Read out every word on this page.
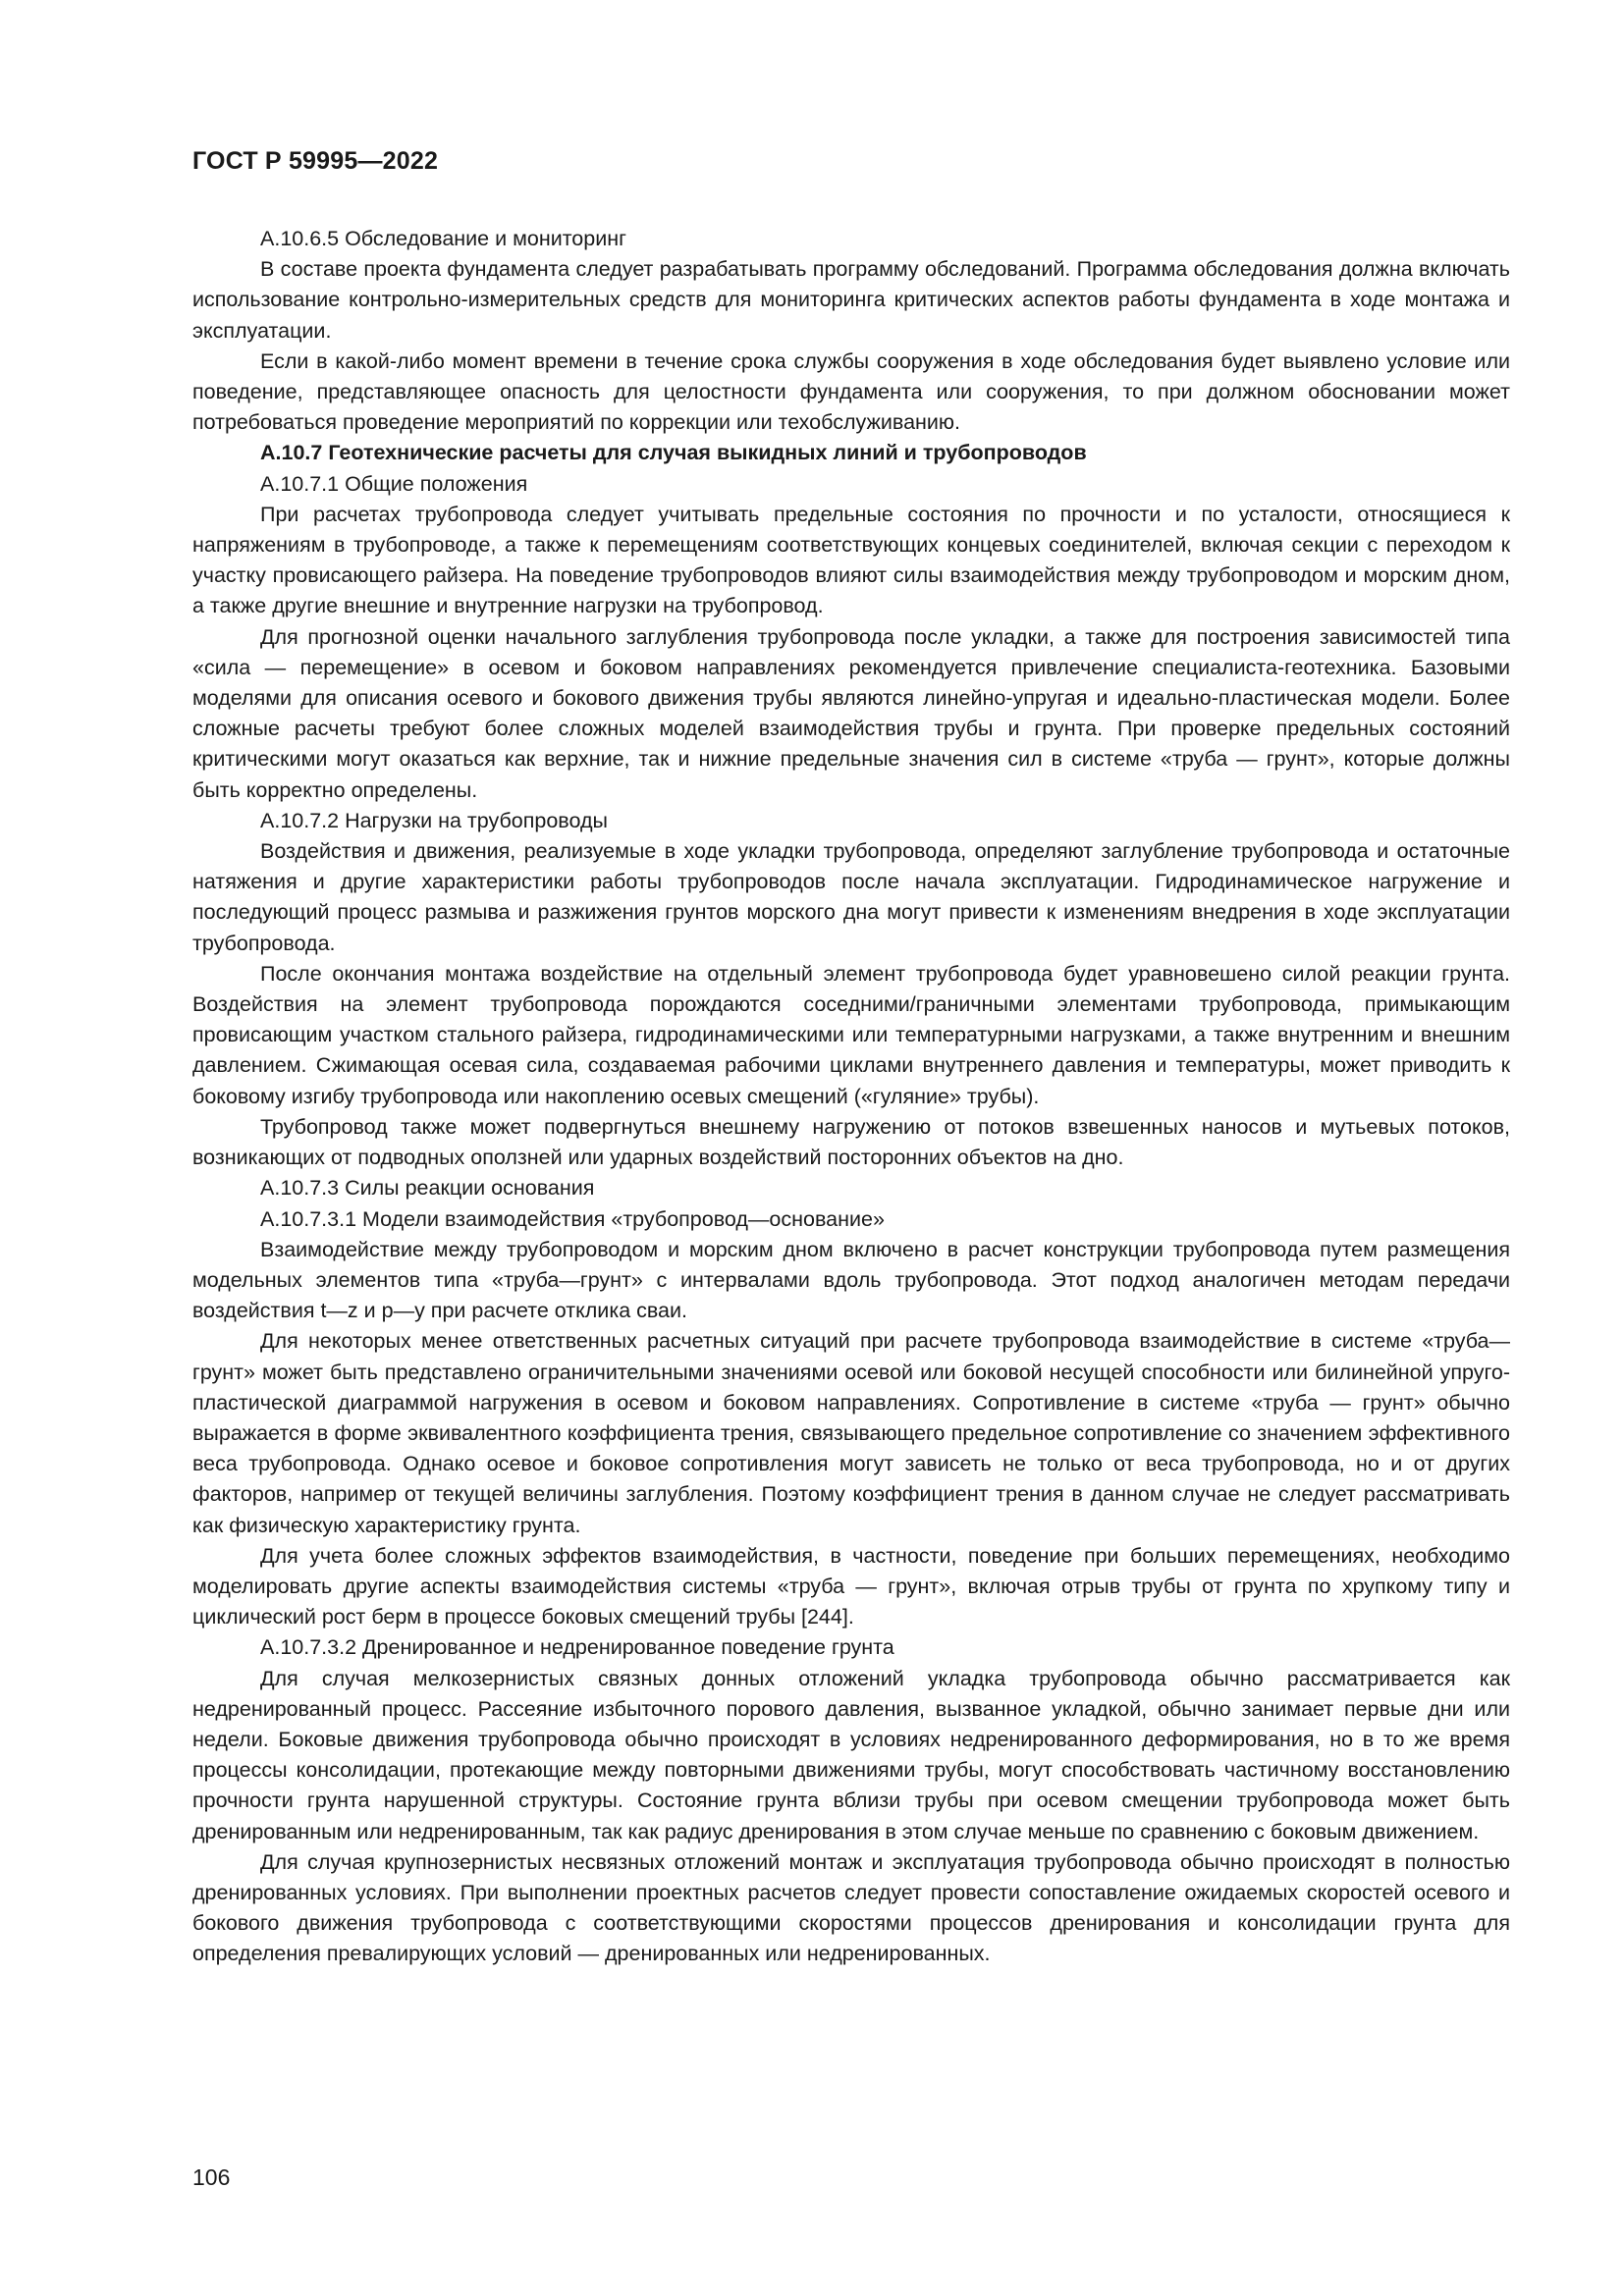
ГОСТ Р 59995—2022

А.10.6.5 Обследование и мониторинг

В составе проекта фундамента следует разрабатывать программу обследований. Программа обследования должна включать использование контрольно-измерительных средств для мониторинга критических аспектов работы фундамента в ходе монтажа и эксплуатации.

Если в какой-либо момент времени в течение срока службы сооружения в ходе обследования будет выявлено условие или поведение, представляющее опасность для целостности фундамента или сооружения, то при должном обосновании может потребоваться проведение мероприятий по коррекции или техобслуживанию.

А.10.7 Геотехнические расчеты для случая выкидных линий и трубопроводов

А.10.7.1 Общие положения

При расчетах трубопровода следует учитывать предельные состояния по прочности и по усталости, относящиеся к напряжениям в трубопроводе, а также к перемещениям соответствующих концевых соединителей, включая секции с переходом к участку провисающего райзера. На поведение трубопроводов влияют силы взаимодействия между трубопроводом и морским дном, а также другие внешние и внутренние нагрузки на трубопровод.

Для прогнозной оценки начального заглубления трубопровода после укладки, а также для построения зависимостей типа «сила — перемещение» в осевом и боковом направлениях рекомендуется привлечение специалиста-геотехника. Базовыми моделями для описания осевого и бокового движения трубы являются линейно-упругая и идеально-пластическая модели. Более сложные расчеты требуют более сложных моделей взаимодействия трубы и грунта. При проверке предельных состояний критическими могут оказаться как верхние, так и нижние предельные значения сил в системе «труба — грунт», которые должны быть корректно определены.

А.10.7.2 Нагрузки на трубопроводы

Воздействия и движения, реализуемые в ходе укладки трубопровода, определяют заглубление трубопровода и остаточные натяжения и другие характеристики работы трубопроводов после начала эксплуатации. Гидродинамическое нагружение и последующий процесс размыва и разжижения грунтов морского дна могут привести к изменениям внедрения в ходе эксплуатации трубопровода.

После окончания монтажа воздействие на отдельный элемент трубопровода будет уравновешено силой реакции грунта. Воздействия на элемент трубопровода порождаются соседними/граничными элементами трубопровода, примыкающим провисающим участком стального райзера, гидродинамическими или температурными нагрузками, а также внутренним и внешним давлением. Сжимающая осевая сила, создаваемая рабочими циклами внутреннего давления и температуры, может приводить к боковому изгибу трубопровода или накоплению осевых смещений («гуляние» трубы).

Трубопровод также может подвергнуться внешнему нагружению от потоков взвешенных наносов и мутьевых потоков, возникающих от подводных оползней или ударных воздействий посторонних объектов на дно.

А.10.7.3 Силы реакции основания

А.10.7.3.1 Модели взаимодействия «трубопровод—основание»

Взаимодействие между трубопроводом и морским дном включено в расчет конструкции трубопровода путем размещения модельных элементов типа «труба—грунт» с интервалами вдоль трубопровода. Этот подход аналогичен методам передачи воздействия t—z и p—y при расчете отклика сваи.

Для некоторых менее ответственных расчетных ситуаций при расчете трубопровода взаимодействие в системе «труба—грунт» может быть представлено ограничительными значениями осевой или боковой несущей способности или билинейной упруго-пластической диаграммой нагружения в осевом и боковом направлениях. Сопротивление в системе «труба — грунт» обычно выражается в форме эквивалентного коэффициента трения, связывающего предельное сопротивление со значением эффективного веса трубопровода. Однако осевое и боковое сопротивления могут зависеть не только от веса трубопровода, но и от других факторов, например от текущей величины заглубления. Поэтому коэффициент трения в данном случае не следует рассматривать как физическую характеристику грунта.

Для учета более сложных эффектов взаимодействия, в частности, поведение при больших перемещениях, необходимо моделировать другие аспекты взаимодействия системы «труба — грунт», включая отрыв трубы от грунта по хрупкому типу и циклический рост берм в процессе боковых смещений трубы [244].

А.10.7.3.2 Дренированное и недренированное поведение грунта

Для случая мелкозернистых связных донных отложений укладка трубопровода обычно рассматривается как недренированный процесс. Рассеяние избыточного порового давления, вызванное укладкой, обычно занимает первые дни или недели. Боковые движения трубопровода обычно происходят в условиях недренированного деформирования, но в то же время процессы консолидации, протекающие между повторными движениями трубы, могут способствовать частичному восстановлению прочности грунта нарушенной структуры. Состояние грунта вблизи трубы при осевом смещении трубопровода может быть дренированным или недренированным, так как радиус дренирования в этом случае меньше по сравнению с боковым движением.

Для случая крупнозернистых несвязных отложений монтаж и эксплуатация трубопровода обычно происходят в полностью дренированных условиях. При выполнении проектных расчетов следует провести сопоставление ожидаемых скоростей осевого и бокового движения трубопровода с соответствующими скоростями процессов дренирования и консолидации грунта для определения превалирующих условий — дренированных или недренированных.

106
